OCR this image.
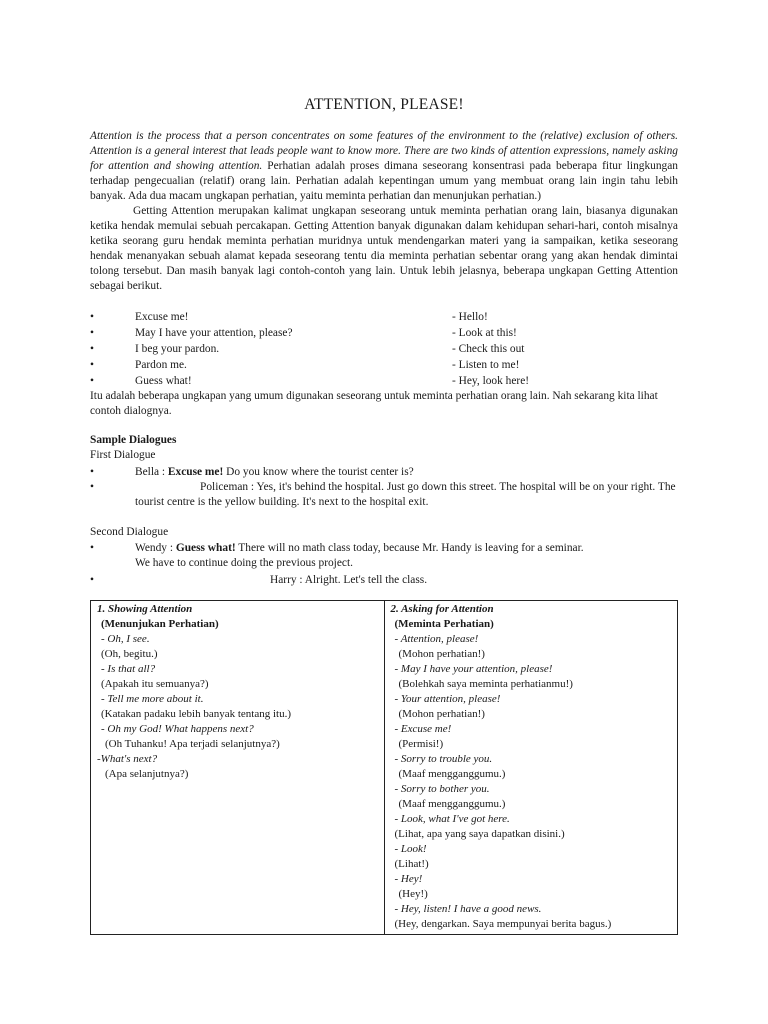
ATTENTION, PLEASE!

Attention is the process that a person concentrates on some features of the environment to the (relative) exclusion of others. Attention is a general interest that leads people want to know more. There are two kinds of attention expressions, namely asking for attention and showing attention. Perhatian adalah proses dimana seseorang konsentrasi pada beberapa fitur lingkungan terhadap pengecualian (relatif) orang lain. Perhatian adalah kepentingan umum yang membuat orang lain ingin tahu lebih banyak. Ada dua macam ungkapan perhatian, yaitu meminta perhatian dan menunjukan perhatian.)

Getting Attention merupakan kalimat ungkapan seseorang untuk meminta perhatian orang lain, biasanya digunakan ketika hendak memulai sebuah percakapan. Getting Attention banyak digunakan dalam kehidupan sehari-hari, contoh misalnya ketika seorang guru hendak meminta perhatian muridnya untuk mendengarkan materi yang ia sampaikan, ketika seseorang hendak menanyakan sebuah alamat kepada seseorang tentu dia meminta perhatian sebentar orang yang akan hendak dimintai tolong tersebut. Dan masih banyak lagi contoh-contoh yang lain. Untuk lebih jelasnya, beberapa ungkapan Getting Attention sebagai berikut.

•	Excuse me!	- Hello!
•	May I have your attention, please?	- Look at this!
•	I beg your pardon.	- Check this out
•	Pardon me.	- Listen to me!
•	Guess what!	- Hey, look here!
Itu adalah beberapa ungkapan yang umum digunakan seseorang untuk meminta perhatian orang lain. Nah sekarang kita lihat contoh dialognya.
Sample Dialogues
First Dialogue
•	Bella : Excuse me! Do you know where the tourist center is?
•	Policeman : Yes, it's behind the hospital. Just go down this street. The hospital will be on your right. The tourist centre is the yellow building. It's next to the hospital exit.
Second Dialogue
•	Wendy : Guess what! There will no math class today, because Mr. Handy is leaving for a seminar.
We have to continue doing the previous project.
•	Harry : Alright. Let's tell the class.
1. Showing Attention
(Menunjukan Perhatian)
- Oh, I see.
(Oh, begitu.)
- Is that all?
(Apakah itu semuanya?)
- Tell me more about it.
(Katakan padaku lebih banyak tentang itu.)
- Oh my God! What happens next?
(Oh Tuhanku! Apa terjadi selanjutnya?)
-What's next?
(Apa selanjutnya?)

2. Asking for Attention
(Meminta Perhatian)
- Attention, please!
(Mohon perhatian!)
- May I have your attention, please!
(Bolehkah saya meminta perhatianmu!)
- Your attention, please!
(Mohon perhatian!)
- Excuse me!
(Permisi!)
- Sorry to trouble you.
(Maaf mengganggumu.)
- Sorry to bother you.
(Maaf mengganggumu.)
- Look, what I've got here.
(Lihat, apa yang saya dapatkan disini.)
- Look!
(Lihat!)
- Hey!
(Hey!)
- Hey, listen! I have a good news.
(Hey, dengarkan. Saya mempunyai berita bagus.)
